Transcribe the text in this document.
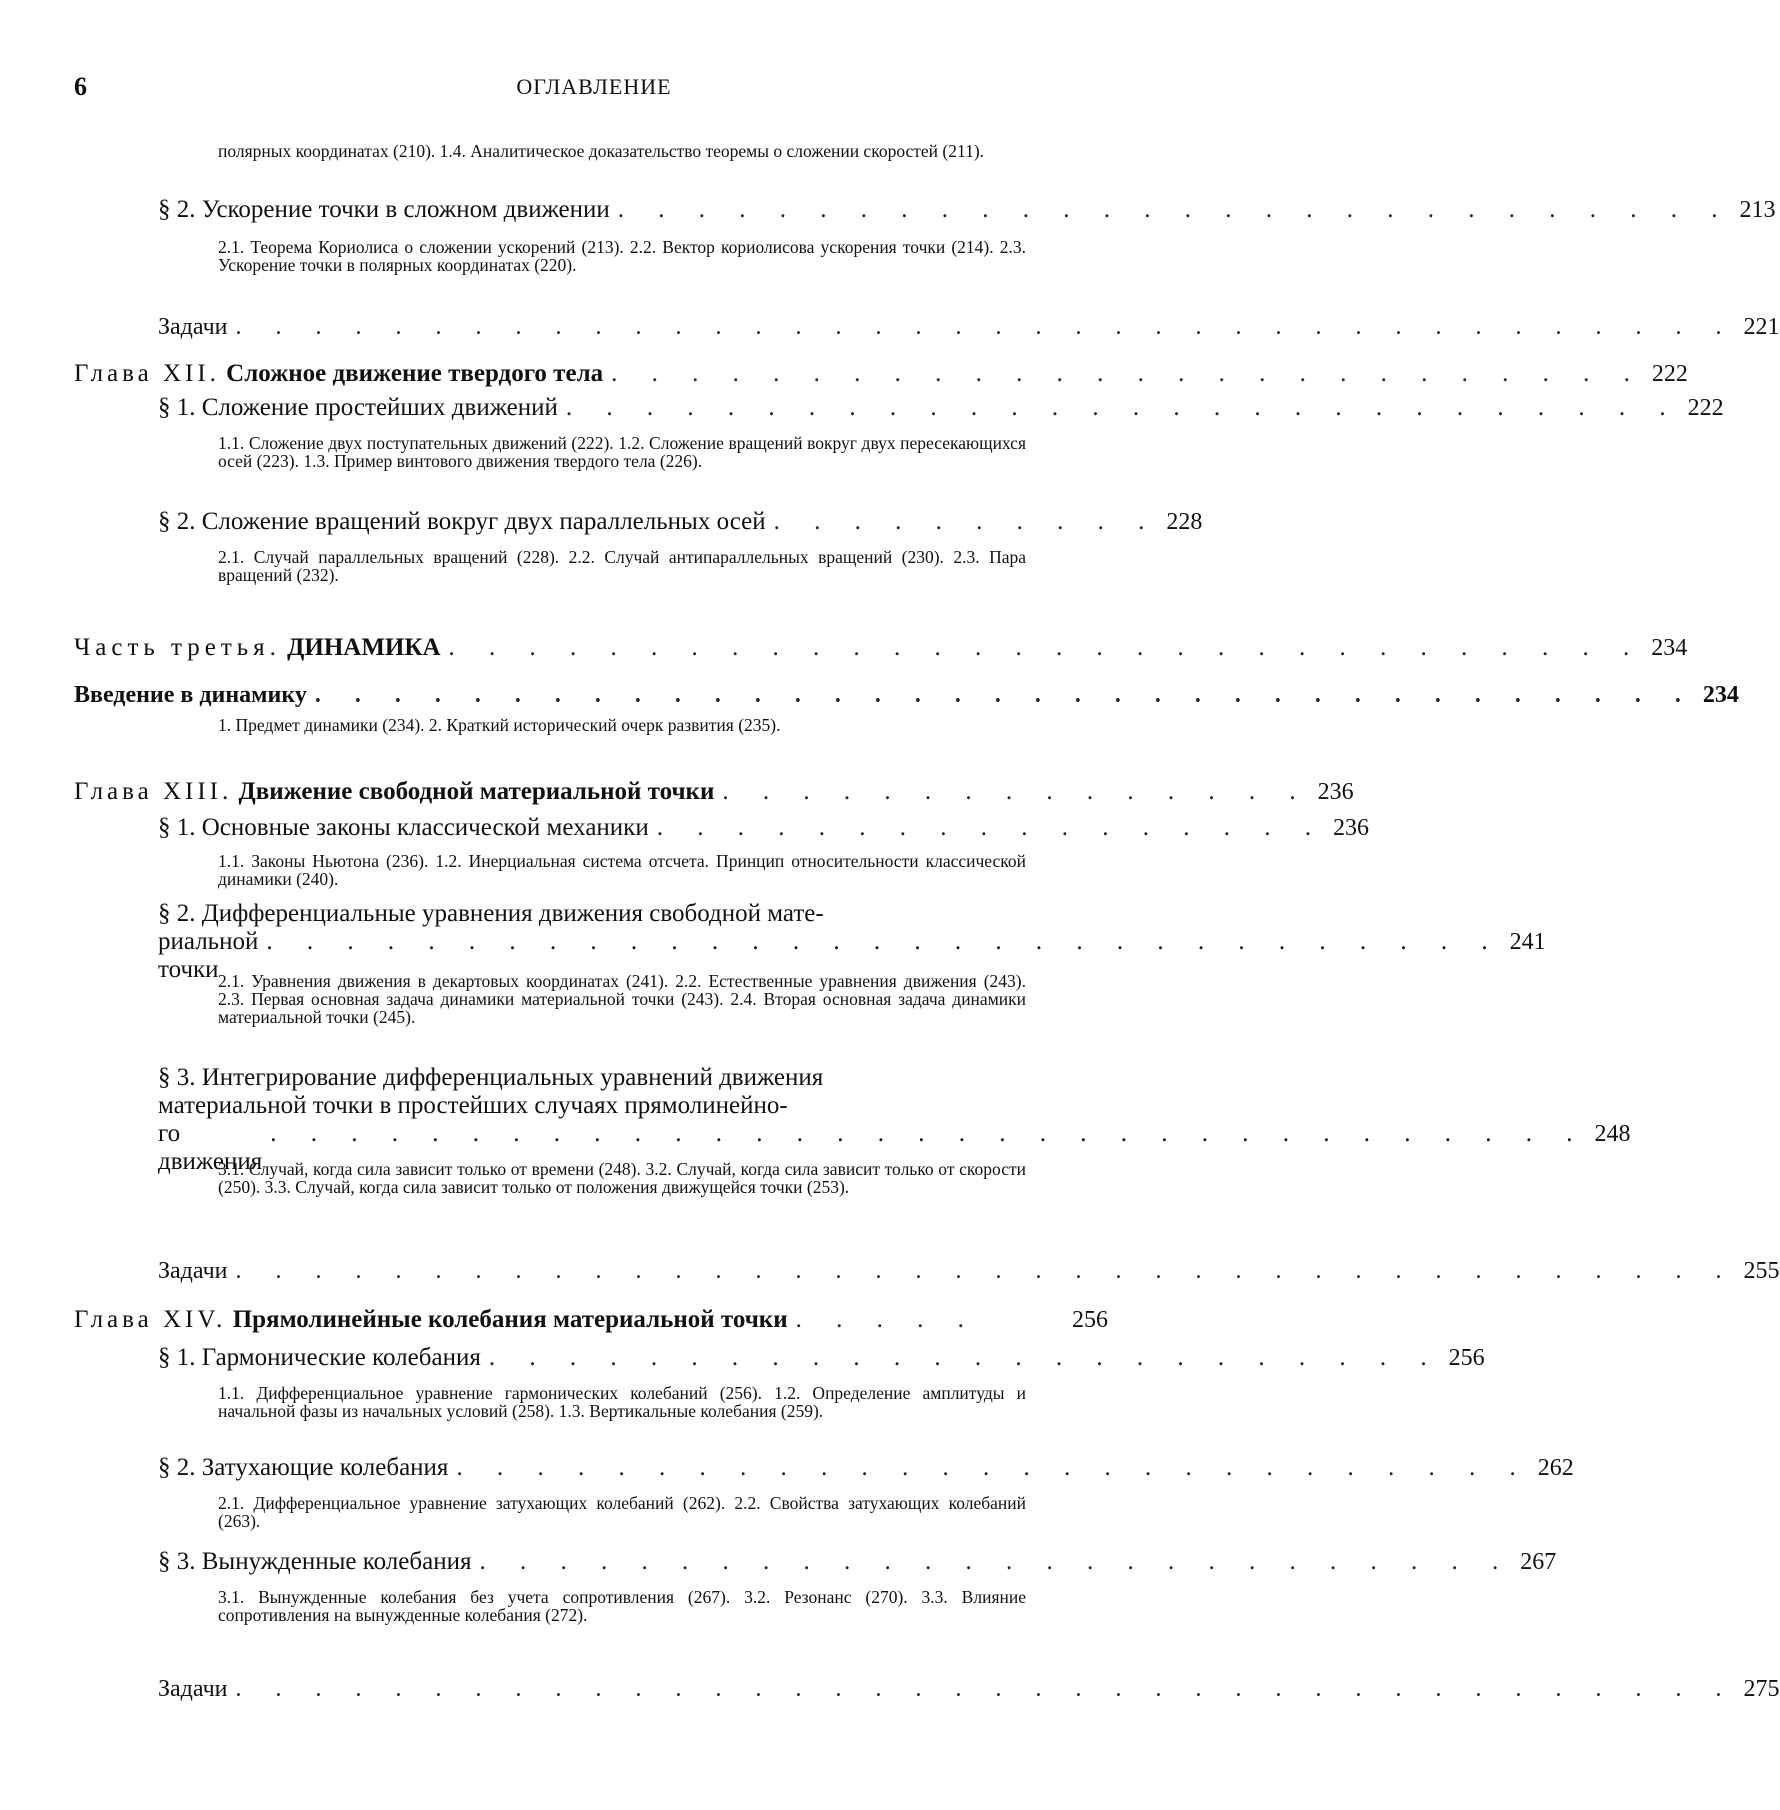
6	ОГЛАВЛЕНИЕ
полярных координатах (210). 1.4. Аналитическое доказательство теоремы о сложении скоростей (211).
§ 2. Ускорение точки в сложном движении . . . . . . . . . . . . . . . . . . . . . . . . . . . . 213
2.1. Теорема Кориолиса о сложении ускорений (213). 2.2. Вектор кориолисова ускорения точки (214). 2.3. Ускорение точки в полярных координатах (220).
Задачи . . . . . . . . . . . . . . . . . . . . . . . . . . . . . . . . . . . . . . 221
Глава XII. Сложное движение твердого тела . . . . . . . . . . . . . . . . . . . . . . . . . . 222
§ 1. Сложение простейших движений . . . . . . . . . . . . . . . . . . . . . . . . . . . . 222
1.1. Сложение двух поступательных движений (222). 1.2. Сложение вращений вокруг двух пересекающихся осей (223). 1.3. Пример винтового движения твердого тела (226).
§ 2. Сложение вращений вокруг двух параллельных осей . . . . . . . . . . 228
2.1. Случай параллельных вращений (228). 2.2. Случай антипараллельных вращений (230). 2.3. Пара вращений (232).
Часть третья. ДИНАМИКА . . . . . . . . . . . . . . . . . . . . . . . . . . . . . . 234
Введение в динамику . . . . . . . . . . . . . . . . . . . . . . . . . . . . . . . . . . . 234
1. Предмет динамики (234). 2. Краткий исторический очерк развития (235).
Глава XIII. Движение свободной материальной точки . . . . . . . . . . . . . . . 236
§ 1. Основные законы классической механики . . . . . . . . . . . . . . . . . 236
1.1. Законы Ньютона (236). 1.2. Инерциальная система отсчета. Принцип относительности классической динамики (240).
§ 2. Дифференциальные уравнения движения свободной мате-
риальной точки
. . . . . . . . . . . . . . . . . . . . . . . . . . . . . . . 241
2.1. Уравнения движения в декартовых координатах (241). 2.2. Естественные уравнения движения (243). 2.3. Первая основная задача динамики материальной точки (243). 2.4. Вторая основная задача динамики материальной точки (245).
§ 3. Интегрирование дифференциальных уравнений движения
материальной точки в простейших случаях прямолинейно-
го движения
. . . . . . . . . . . . . . . . . . . . . . . . . . . . . . . . . 248
3.1. Случай, когда сила зависит только от времени (248). 3.2. Случай, когда сила зависит только от скорости (250). 3.3. Случай, когда сила зависит только от положения движущейся точки (253).
Задачи . . . . . . . . . . . . . . . . . . . . . . . . . . . . . . . . . . . . . . 255
Глава XIV. Прямолинейные колебания материальной точки . . . . .	256
§ 1. Гармонические колебания . . . . . . . . . . . . . . . . . . . . . . . . 256
1.1. Дифференциальное уравнение гармонических колебаний (256). 1.2. Определение амплитуды и начальной фазы из начальных условий (258). 1.3. Вертикальные колебания (259).
§ 2. Затухающие колебания . . . . . . . . . . . . . . . . . . . . . . . . . . . 262
2.1. Дифференциальное уравнение затухающих колебаний (262). 2.2. Свойства затухающих колебаний (263).
§ 3. Вынужденные колебания . . . . . . . . . . . . . . . . . . . . . . . . . . 267
3.1. Вынужденные колебания без учета сопротивления (267). 3.2. Резонанс (270). 3.3. Влияние сопротивления на вынужденные колебания (272).
Задачи . . . . . . . . . . . . . . . . . . . . . . . . . . . . . . . . . . . . . . 275
